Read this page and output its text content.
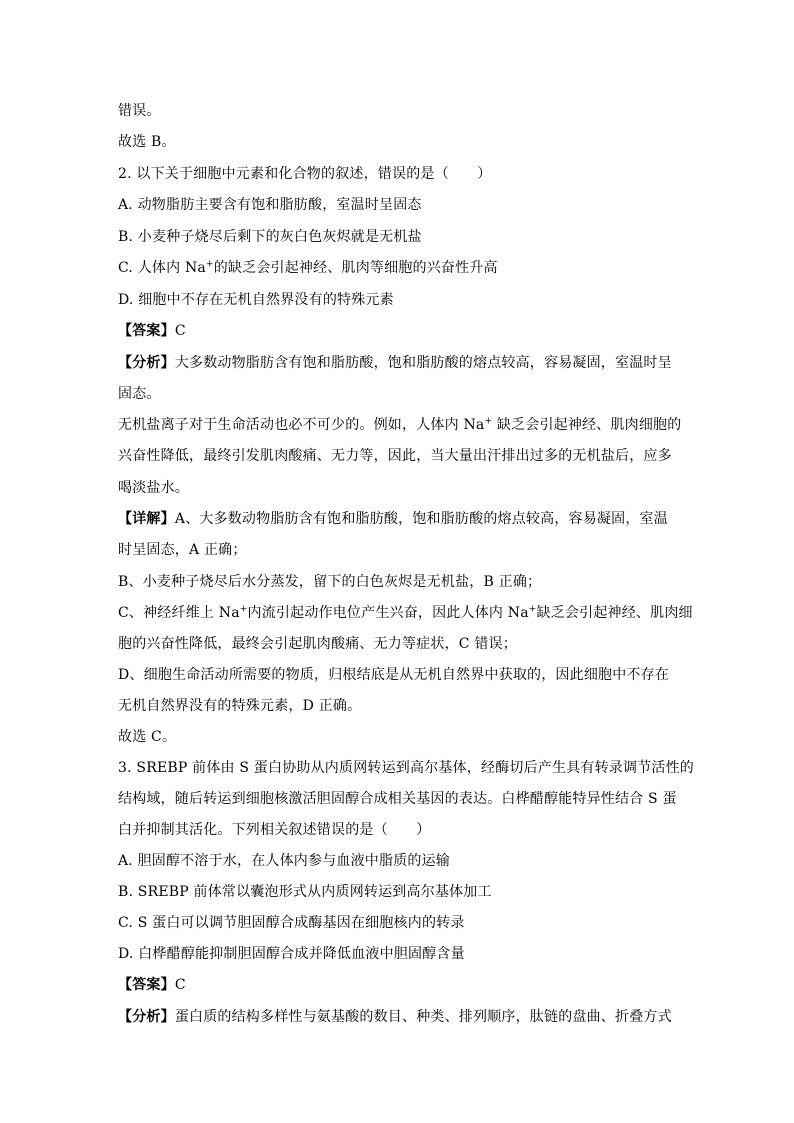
错误。
故选 B。
2. 以下关于细胞中元素和化合物的叙述，错误的是（　　）
A. 动物脂肪主要含有饱和脂肪酸，室温时呈固态
B. 小麦种子烧尽后剩下的灰白色灰烬就是无机盐
C. 人体内 Na+的缺乏会引起神经、肌肉等细胞的兴奋性升高
D. 细胞中不存在无机自然界没有的特殊元素
【答案】C
【分析】大多数动物脂肪含有饱和脂肪酸，饱和脂肪酸的熔点较高，容易凝固，室温时呈
固态。
无机盐离子对于生命活动也必不可少的。例如，人体内 Na+ 缺乏会引起神经、肌肉细胞的
兴奋性降低，最终引发肌肉酸痛、无力等，因此，当大量出汗排出过多的无机盐后，应多
喝淡盐水。
【详解】A、大多数动物脂肪含有饱和脂肪酸，饱和脂肪酸的熔点较高，容易凝固，室温
时呈固态，A 正确；
B、小麦种子烧尽后水分蒸发，留下的白色灰烬是无机盐，B 正确；
C、神经纤维上 Na+内流引起动作电位产生兴奋，因此人体内 Na+缺乏会引起神经、肌肉细
胞的兴奋性降低，最终会引起肌肉酸痛、无力等症状，C 错误；
D、细胞生命活动所需要的物质，归根结底是从无机自然界中获取的，因此细胞中不存在
无机自然界没有的特殊元素，D 正确。
故选 C。
3. SREBP 前体由 S 蛋白协助从内质网转运到高尔基体，经酶切后产生具有转录调节活性的
结构域，随后转运到细胞核激活胆固醇合成相关基因的表达。白桦醋醇能特异性结合 S 蛋
白并抑制其活化。下列相关叙述错误的是（　　）
A. 胆固醇不溶于水，在人体内参与血液中脂质的运输
B. SREBP 前体常以囊泡形式从内质网转运到高尔基体加工
C. S 蛋白可以调节胆固醇合成酶基因在细胞核内的转录
D. 白桦醋醇能抑制胆固醇合成并降低血液中胆固醇含量
【答案】C
【分析】蛋白质的结构多样性与氨基酸的数目、种类、排列顺序，肽链的盘曲、折叠方式
